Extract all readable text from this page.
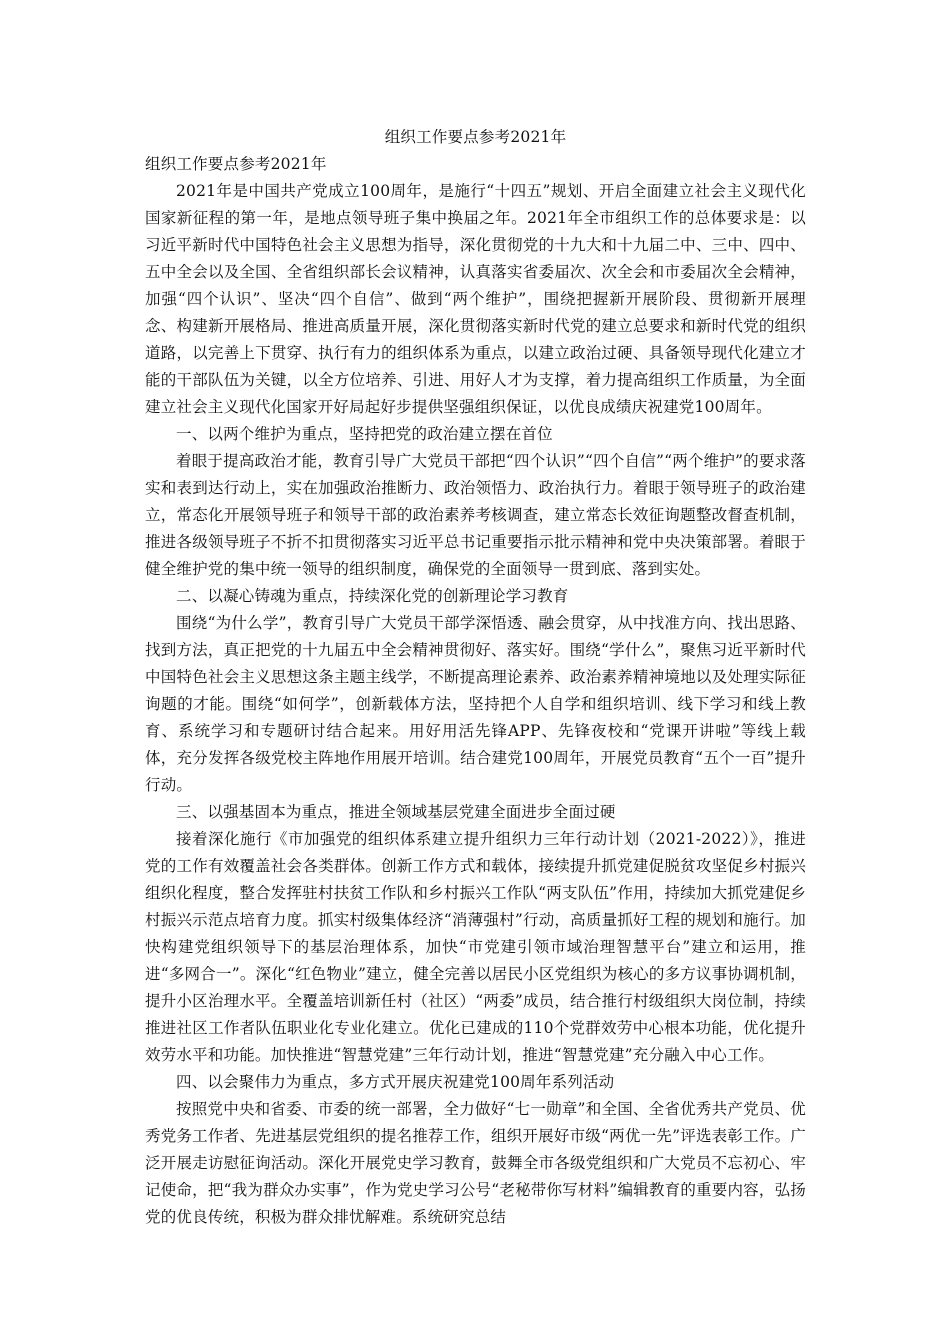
组织工作要点参考2021年

组织工作要点参考2021年

2021年是中国共产党成立100周年，是施行“十四五”规划、开启全面建立社会主义现代化国家新征程的第一年，是地点领导班子集中换届之年。2021年全市组织工作的总体要求是：以习近平新时代中国特色社会主义思想为指导，深化贯彻党的十九大和十九届二中、三中、四中、五中全会以及全国、全省组织部长会议精神，认真落实省委届次、次全会和市委届次全会精神，加强“四个认识”、坚决“四个自信”、做到“两个维护”，围绕把握新开展阶段、贯彻新开展理念、构建新开展格局、推进高质量开展，深化贯彻落实新时代党的建立总要求和新时代党的组织道路，以完善上下贯穿、执行有力的组织体系为重点，以建立政治过硬、具备领导现代化建立才能的干部队伍为关键，以全方位培养、引进、用好人才为支撑，着力提高组织工作质量，为全面建立社会主义现代化国家开好局起好步提供坚强组织保证，以优良成绩庆祝建党100周年。

一、以两个维护为重点，坚持把党的政治建立摆在首位

着眼于提高政治才能，教育引导广大党员干部把“四个认识”“四个自信”“两个维护”的要求落实和表到达行动上，实在加强政治推断力、政治领悟力、政治执行力。着眼于领导班子的政治建立，常态化开展领导班子和领导干部的政治素养考核调查，建立常态长效征询题整改督查机制，推进各级领导班子不折不扣贯彻落实习近平总书记重要指示批示精神和党中央决策部署。着眼于健全维护党的集中统一领导的组织制度，确保党的全面领导一贯到底、落到实处。

二、以凝心铸魂为重点，持续深化党的创新理论学习教育

围绕“为什么学”，教育引导广大党员干部学深悟透、融会贯穿，从中找准方向、找出思路、找到方法，真正把党的十九届五中全会精神贯彻好、落实好。围绕“学什么”，聚焦习近平新时代中国特色社会主义思想这条主题主线学，不断提高理论素养、政治素养精神境地以及处理实际征询题的才能。围绕“如何学”，创新载体方法，坚持把个人自学和组织培训、线下学习和线上教育、系统学习和专题研讨结合起来。用好用活先锋APP、先锋夜校和“党课开讲啦”等线上载体，充分发挥各级党校主阵地作用展开培训。结合建党100周年，开展党员教育“五个一百”提升行动。

三、以强基固本为重点，推进全领域基层党建全面进步全面过硬

接着深化施行《市加强党的组织体系建立提升组织力三年行动计划（2021-2022）》，推进党的工作有效覆盖社会各类群体。创新工作方式和载体，接续提升抓党建促脱贫攻坚促乡村振兴组织化程度，整合发挥驻村扶贫工作队和乡村振兴工作队“两支队伍”作用，持续加大抓党建促乡村振兴示范点培育力度。抓实村级集体经济“消薄强村”行动，高质量抓好工程的规划和施行。加快构建党组织领导下的基层治理体系，加快“市党建引领市域治理智慧平台”建立和运用，推进“多网合一”。深化“红色物业”建立，健全完善以居民小区党组织为核心的多方议事协调机制，提升小区治理水平。全覆盖培训新任村（社区）“两委”成员，结合推行村级组织大岗位制，持续推进社区工作者队伍职业化专业化建立。优化已建成的110个党群效劳中心根本功能，优化提升效劳水平和功能。加快推进“智慧党建”三年行动计划，推进“智慧党建”充分融入中心工作。

四、以会聚伟力为重点，多方式开展庆祝建党100周年系列活动

按照党中央和省委、市委的统一部署，全力做好“七一勋章”和全国、全省优秀共产党员、优秀党务工作者、先进基层党组织的提名推荐工作，组织开展好市级“两优一先”评选表彰工作。广泛开展走访慰征询活动。深化开展党史学习教育，鼓舞全市各级党组织和广大党员不忘初心、牢记使命，把“我为群众办实事”，作为党史学习公号“老秘带你写材料”编辑教育的重要内容，弘扬党的优良传统，积极为群众排忧解难。系统研究总结
